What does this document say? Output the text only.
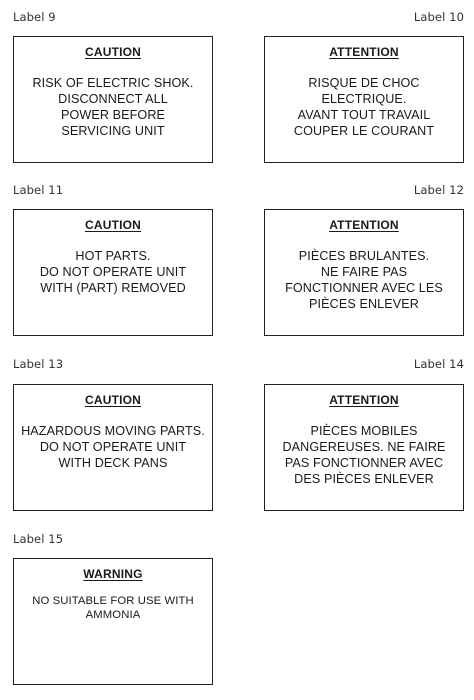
Label 9
CAUTION
RISK OF ELECTRIC SHOK.
DISCONNECT ALL
POWER BEFORE
SERVICING UNIT
Label 10
ATTENTION
RISQUE DE CHOC
ELECTRIQUE.
AVANT TOUT TRAVAIL
COUPER LE COURANT
Label 11
CAUTION
HOT PARTS.
DO NOT OPERATE UNIT
WITH (PART) REMOVED
Label 12
ATTENTION
PIÈCES BRULANTES.
NE FAIRE PAS
FONCTIONNER AVEC LES
PIÈCES ENLEVER
Label 13
CAUTION
HAZARDOUS MOVING PARTS.
DO NOT OPERATE UNIT
WITH DECK PANS
Label 14
ATTENTION
PIÈCES MOBILES
DANGEREUSES. NE FAIRE
PAS FONCTIONNER AVEC
DES PIÈCES ENLEVER
Label 15
WARNING
NO SUITABLE FOR USE WITH
AMMONIA
